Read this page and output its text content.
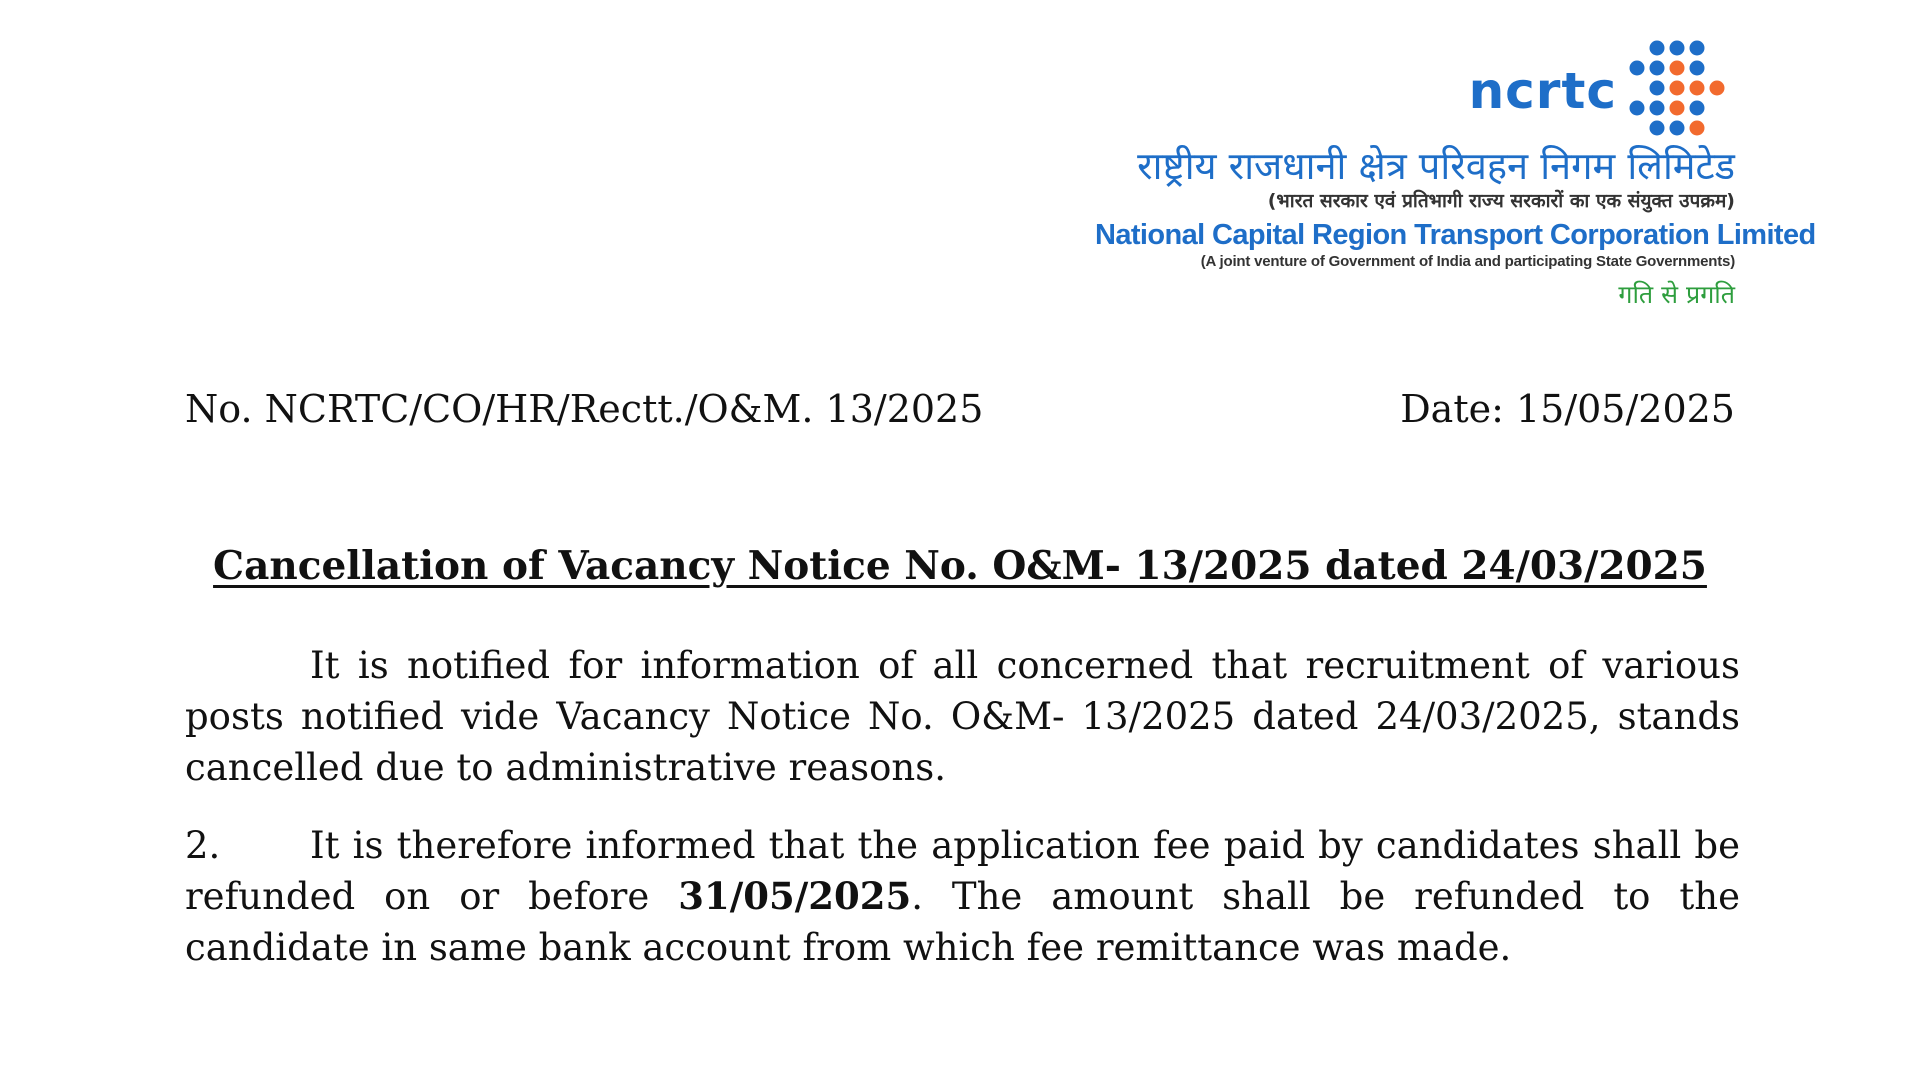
ncrtc
राष्ट्रीय राजधानी क्षेत्र परिवहन निगम लिमिटेड
(भारत सरकार एवं प्रतिभागी राज्य सरकारों का एक संयुक्त उपक्रम)
National Capital Region Transport Corporation Limited
(A joint venture of Government of India and participating State Governments)
गति से प्रगति
No. NCRTC/CO/HR/Rectt./O&M. 13/2025	Date: 15/05/2025
Cancellation of Vacancy Notice No. O&M- 13/2025 dated 24/03/2025
It is notified for information of all concerned that recruitment of various posts notified vide Vacancy Notice No. O&M- 13/2025 dated 24/03/2025, stands cancelled due to administrative reasons.
2. It is therefore informed that the application fee paid by candidates shall be refunded on or before 31/05/2025. The amount shall be refunded to the candidate in same bank account from which fee remittance was made.
